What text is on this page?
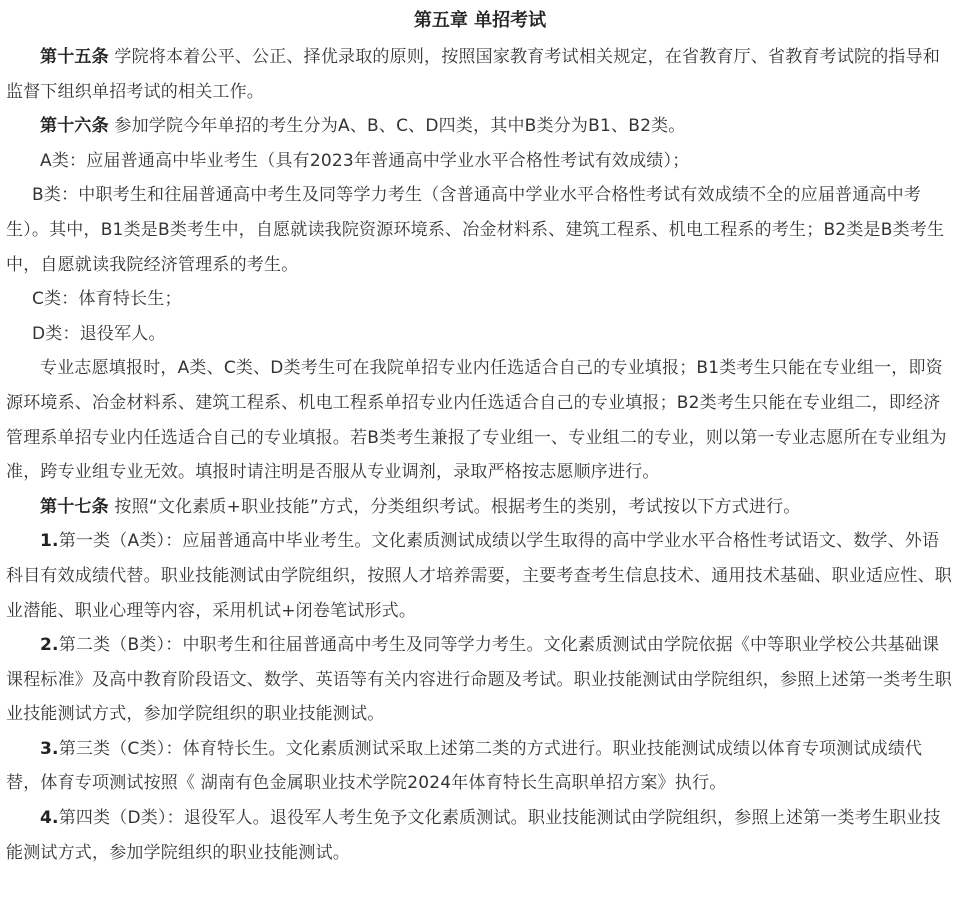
第五章 单招考试

第十五条 学院将本着公平、公正、择优录取的原则，按照国家教育考试相关规定，在省教育厅、省教育考试院的指导和监督下组织单招考试的相关工作。

第十六条 参加学院今年单招的考生分为A、B、C、D四类，其中B类分为B1、B2类。

A类：应届普通高中毕业考生（具有2023年普通高中学业水平合格性考试有效成绩）；

B类：中职考生和往届普通高中考生及同等学力考生（含普通高中学业水平合格性考试有效成绩不全的应届普通高中考生）。其中，B1类是B类考生中，自愿就读我院资源环境系、冶金材料系、建筑工程系、机电工程系的考生；B2类是B类考生中，自愿就读我院经济管理系的考生。

C类：体育特长生；

D类：退役军人。

专业志愿填报时，A类、C类、D类考生可在我院单招专业内任选适合自己的专业填报；B1类考生只能在专业组一，即资源环境系、冶金材料系、建筑工程系、机电工程系单招专业内任选适合自己的专业填报；B2类考生只能在专业组二，即经济管理系单招专业内任选适合自己的专业填报。若B类考生兼报了专业组一、专业组二的专业，则以第一专业志愿所在专业组为准，跨专业组专业无效。填报时请注明是否服从专业调剂，录取严格按志愿顺序进行。

第十七条 按照“文化素质+职业技能”方式，分类组织考试。根据考生的类别，考试按以下方式进行。

1.第一类（A类）：应届普通高中毕业考生。文化素质测试成绩以学生取得的高中学业水平合格性考试语文、数学、外语科目有效成绩代替。职业技能测试由学院组织，按照人才培养需要，主要考查考生信息技术、通用技术基础、职业适应性、职业潜能、职业心理等内容，采用机试+闭卷笔试形式。

2.第二类（B类）：中职考生和往届普通高中考生及同等学力考生。文化素质测试由学院依据《中等职业学校公共基础课课程标准》及高中教育阶段语文、数学、英语等有关内容进行命题及考试。职业技能测试由学院组织，参照上述第一类考生职业技能测试方式，参加学院组织的职业技能测试。

3.第三类（C类）：体育特长生。文化素质测试采取上述第二类的方式进行。职业技能测试成绩以体育专项测试成绩代替，体育专项测试按照《 湖南有色金属职业技术学院2024年体育特长生高职单招方案》执行。

4.第四类（D类）：退役军人。退役军人考生免予文化素质测试。职业技能测试由学院组织，参照上述第一类考生职业技能测试方式，参加学院组织的职业技能测试。
